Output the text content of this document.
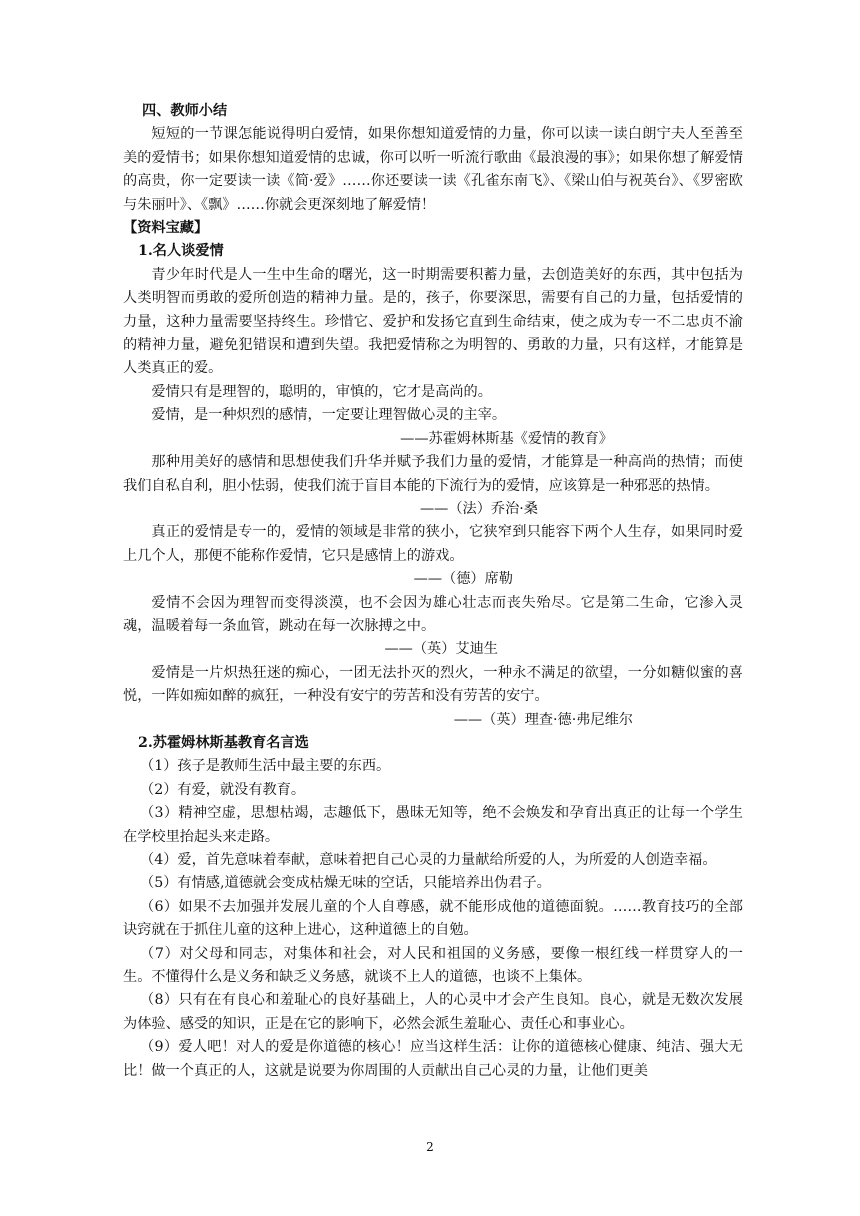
四、教师小结

短短的一节课怎能说得明白爱情，如果你想知道爱情的力量，你可以读一读白朗宁夫人至善至美的爱情书；如果你想知道爱情的忠诚，你可以听一听流行歌曲《最浪漫的事》；如果你想了解爱情的高贵，你一定要读一读《简·爱》……你还要读一读《孔雀东南飞》、《梁山伯与祝英台》、《罗密欧与朱丽叶》、《飘》……你就会更深刻地了解爱情！

【资料宝藏】

1.名人谈爱情

青少年时代是人一生中生命的曙光，这一时期需要积蓄力量，去创造美好的东西，其中包括为人类明智而勇敢的爱所创造的精神力量。是的，孩子，你要深思，需要有自己的力量，包括爱情的力量，这种力量需要坚持终生。珍惜它、爱护和发扬它直到生命结束，使之成为专一不二忠贞不渝的精神力量，避免犯错误和遭到失望。我把爱情称之为明智的、勇敢的力量，只有这样，才能算是人类真正的爱。

爱情只有是理智的，聪明的，审慎的，它才是高尚的。

爱情，是一种炽烈的感情，一定要让理智做心灵的主宰。

——苏霍姆林斯基《爱情的教育》

那种用美好的感情和思想使我们升华并赋予我们力量的爱情，才能算是一种高尚的热情；而使我们自私自利，胆小怯弱，使我们流于盲目本能的下流行为的爱情，应该算是一种邪恶的热情。

——（法）乔治·桑

真正的爱情是专一的，爱情的领域是非常的狭小，它狭窄到只能容下两个人生存，如果同时爱上几个人，那便不能称作爱情，它只是感情上的游戏。

——（德）席勒

爱情不会因为理智而变得淡漠，也不会因为雄心壮志而丧失殆尽。它是第二生命，它渗入灵魂，温暖着每一条血管，跳动在每一次脉搏之中。

——（英）艾迪生

爱情是一片炽热狂迷的痴心，一团无法扑灭的烈火，一种永不满足的欲望，一分如糖似蜜的喜悦，一阵如痴如醉的疯狂，一种没有安宁的劳苦和没有劳苦的安宁。

——（英）理查·德·弗尼维尔

2.苏霍姆林斯基教育名言选

（1）孩子是教师生活中最主要的东西。

（2）有爱，就没有教育。

（3）精神空虚，思想枯竭，志趣低下，愚昧无知等，绝不会焕发和孕育出真正的让每一个学生在学校里抬起头来走路。

（4）爱，首先意味着奉献，意味着把自己心灵的力量献给所爱的人，为所爱的人创造幸福。

（5）有情感,道德就会变成枯燥无味的空话，只能培养出伪君子。

（6）如果不去加强并发展儿童的个人自尊感，就不能形成他的道德面貌。……教育技巧的全部诀窍就在于抓住儿童的这种上进心，这种道德上的自勉。

（7）对父母和同志，对集体和社会，对人民和祖国的义务感，要像一根红线一样贯穿人的一生。不懂得什么是义务和缺乏义务感，就谈不上人的道德，也谈不上集体。

（8）只有在有良心和羞耻心的良好基础上，人的心灵中才会产生良知。良心，就是无数次发展为体验、感受的知识，正是在它的影响下，必然会派生羞耻心、责任心和事业心。

（9）爱人吧！对人的爱是你道德的核心！应当这样生活：让你的道德核心健康、纯洁、强大无比！做一个真正的人，这就是说要为你周围的人贡献出自己心灵的力量，让他们更美

2
